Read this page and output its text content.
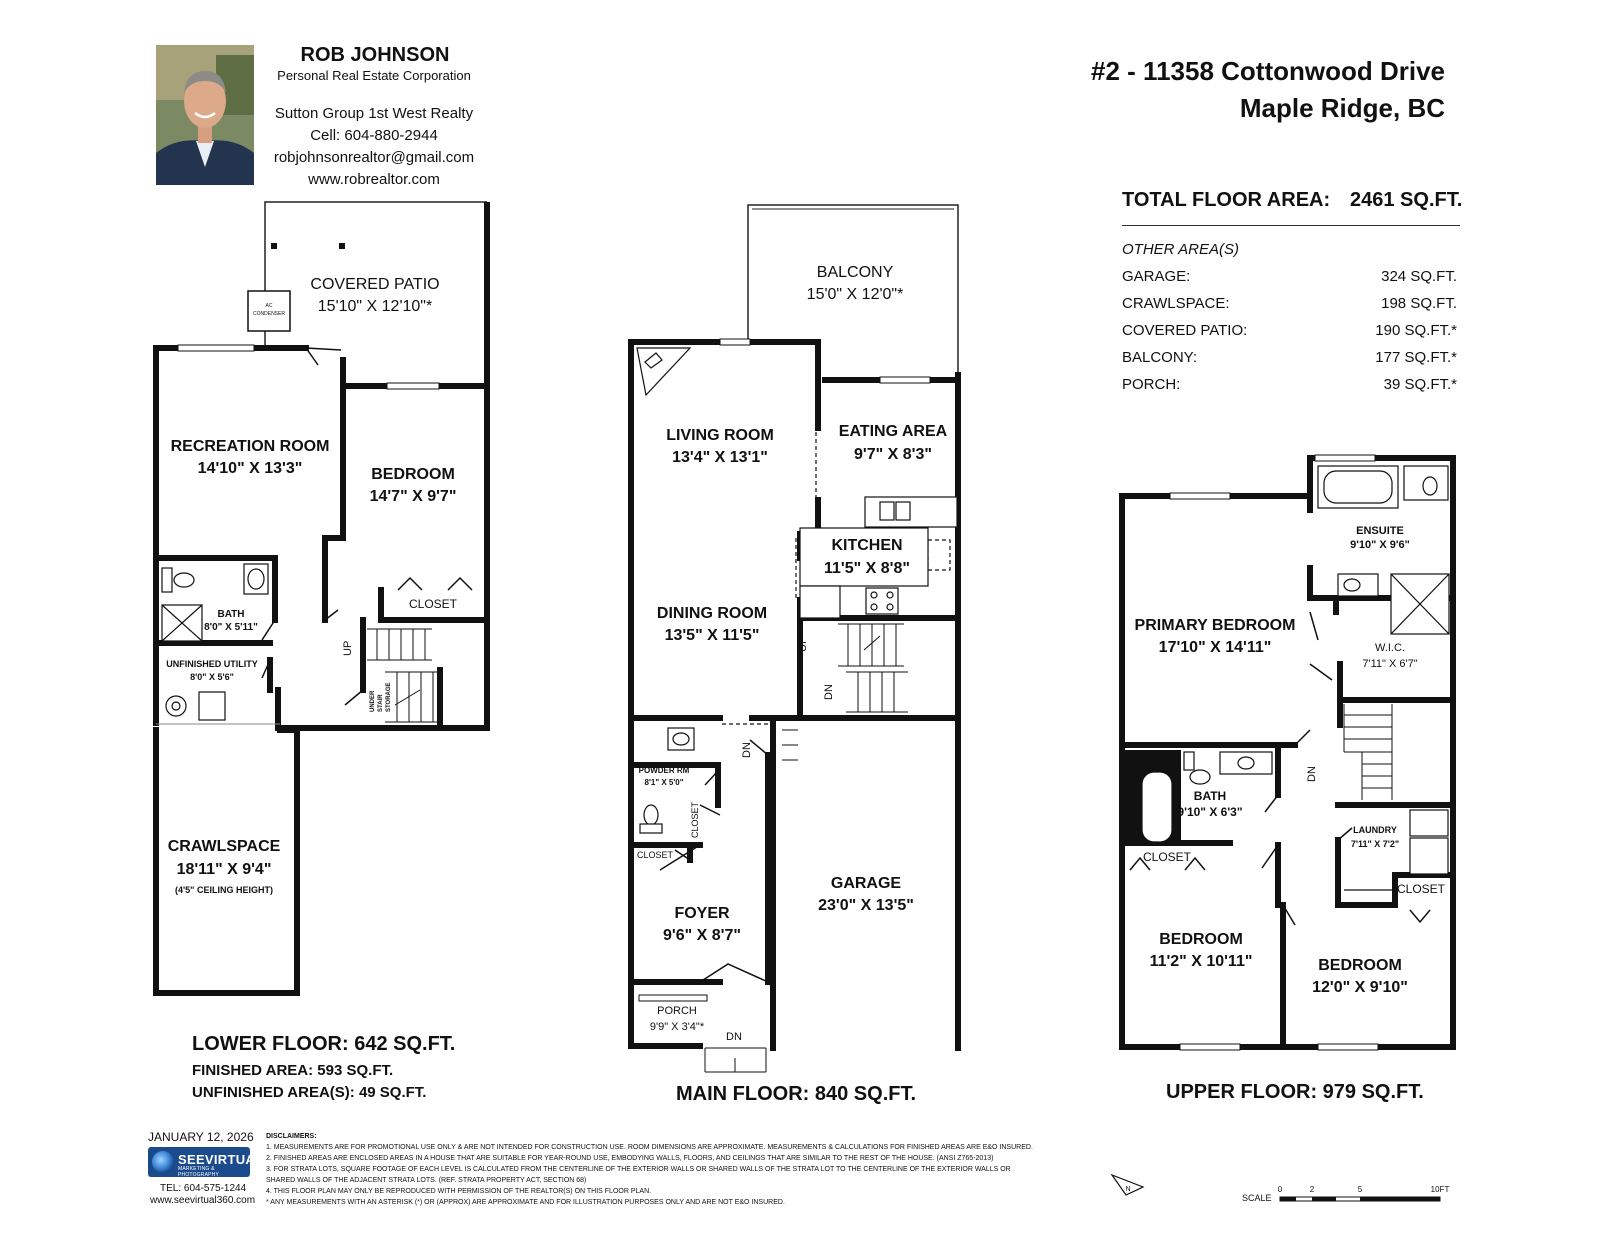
ROB JOHNSON
Personal Real Estate Corporation
Sutton Group 1st West Realty
Cell: 604-880-2944
robjohnsonrealtor@gmail.com
www.robrealtor.com
#2 - 11358 Cottonwood Drive
Maple Ridge, BC
TOTAL FLOOR AREA: 2461 SQ.FT.
OTHER AREA(S)
GARAGE:	324 SQ.FT.
CRAWLSPACE:	198 SQ.FT.
COVERED PATIO:	190 SQ.FT.*
BALCONY:	177 SQ.FT.*
PORCH:	39 SQ.FT.*
AC
CONDENSER
COVERED PATIO
15'10" X 12'10"*
RECREATION ROOM
14'10" X 13'3"	BEDROOM
14'7" X 9'7"
CLOSET
BATH
8'0" X 5'11"
UNFINISHED UTILITY
8'0" X 5'6"
UP
UNDER STAIR STORAGE
CRAWLSPACE
18'11" X 9'4"
(4'5" CEILING HEIGHT)
LOWER FLOOR: 642 SQ.FT.
FINISHED AREA: 593 SQ.FT.
UNFINISHED AREA(S): 49 SQ.FT.
BALCONY
15'0" X 12'0"*
LIVING ROOM
13'4" X 13'1"
EATING AREA
9'7" X 8'3"
KITCHEN
11'5" X 8'8"
DINING ROOM
13'5" X 11'5"
UP
DN
DN
POWDER RM
8'1" X 5'0"
CLOSET
CLOSET
FOYER
9'6" X 8'7"
PORCH
9'9" X 3'4"*
DN
GARAGE
23'0" X 13'5"
MAIN FLOOR: 840 SQ.FT.
ENSUITE
9'10" X 9'6"
PRIMARY BEDROOM
17'10" X 14'11"	W.I.C.
7'11" X 6'7"
BATH
9'10" X 6'3"
DN
LAUNDRY
7'11" X 7'2"
CLOSET
CLOSET
BEDROOM
11'2" X 10'11"	BEDROOM
12'0" X 9'10"
UPPER FLOOR: 979 SQ.FT.
N	0	2	5	10FT
JANUARY 12, 2026
SEEVIRTUAL
MARKETING & PHOTOGRAPHY
TEL: 604-575-1244
www.seevirtual360.com
DISCLAIMERS:
1. MEASUREMENTS ARE FOR PROMOTIONAL USE ONLY & ARE NOT INTENDED FOR CONSTRUCTION USE. ROOM DIMENSIONS ARE APPROXIMATE. MEASUREMENTS & CALCULATIONS FOR FINISHED AREAS ARE E&O INSURED.
2. FINISHED AREAS ARE ENCLOSED AREAS IN A HOUSE THAT ARE SUITABLE FOR YEAR-ROUND USE, EMBODYING WALLS, FLOORS, AND CEILINGS THAT ARE SIMILAR TO THE REST OF THE HOUSE. (ANSI Z765-2013)
3. FOR STRATA LOTS, SQUARE FOOTAGE OF EACH LEVEL IS CALCULATED FROM THE CENTERLINE OF THE EXTERIOR WALLS OR SHARED WALLS OF THE STRATA LOT TO THE CENTERLINE OF THE EXTERIOR WALLS OR
SHARED WALLS OF THE ADJACENT STRATA LOTS. (REF. STRATA PROPERTY ACT, SECTION 68)
4. THIS FLOOR PLAN MAY ONLY BE REPRODUCED WITH PERMISSION OF THE REALTOR(S) ON THIS FLOOR PLAN.
* ANY MEASUREMENTS WITH AN ASTERISK (*) OR (APPROX) ARE APPROXIMATE AND FOR ILLUSTRATION PURPOSES ONLY AND ARE NOT E&O INSURED.	SCALE
